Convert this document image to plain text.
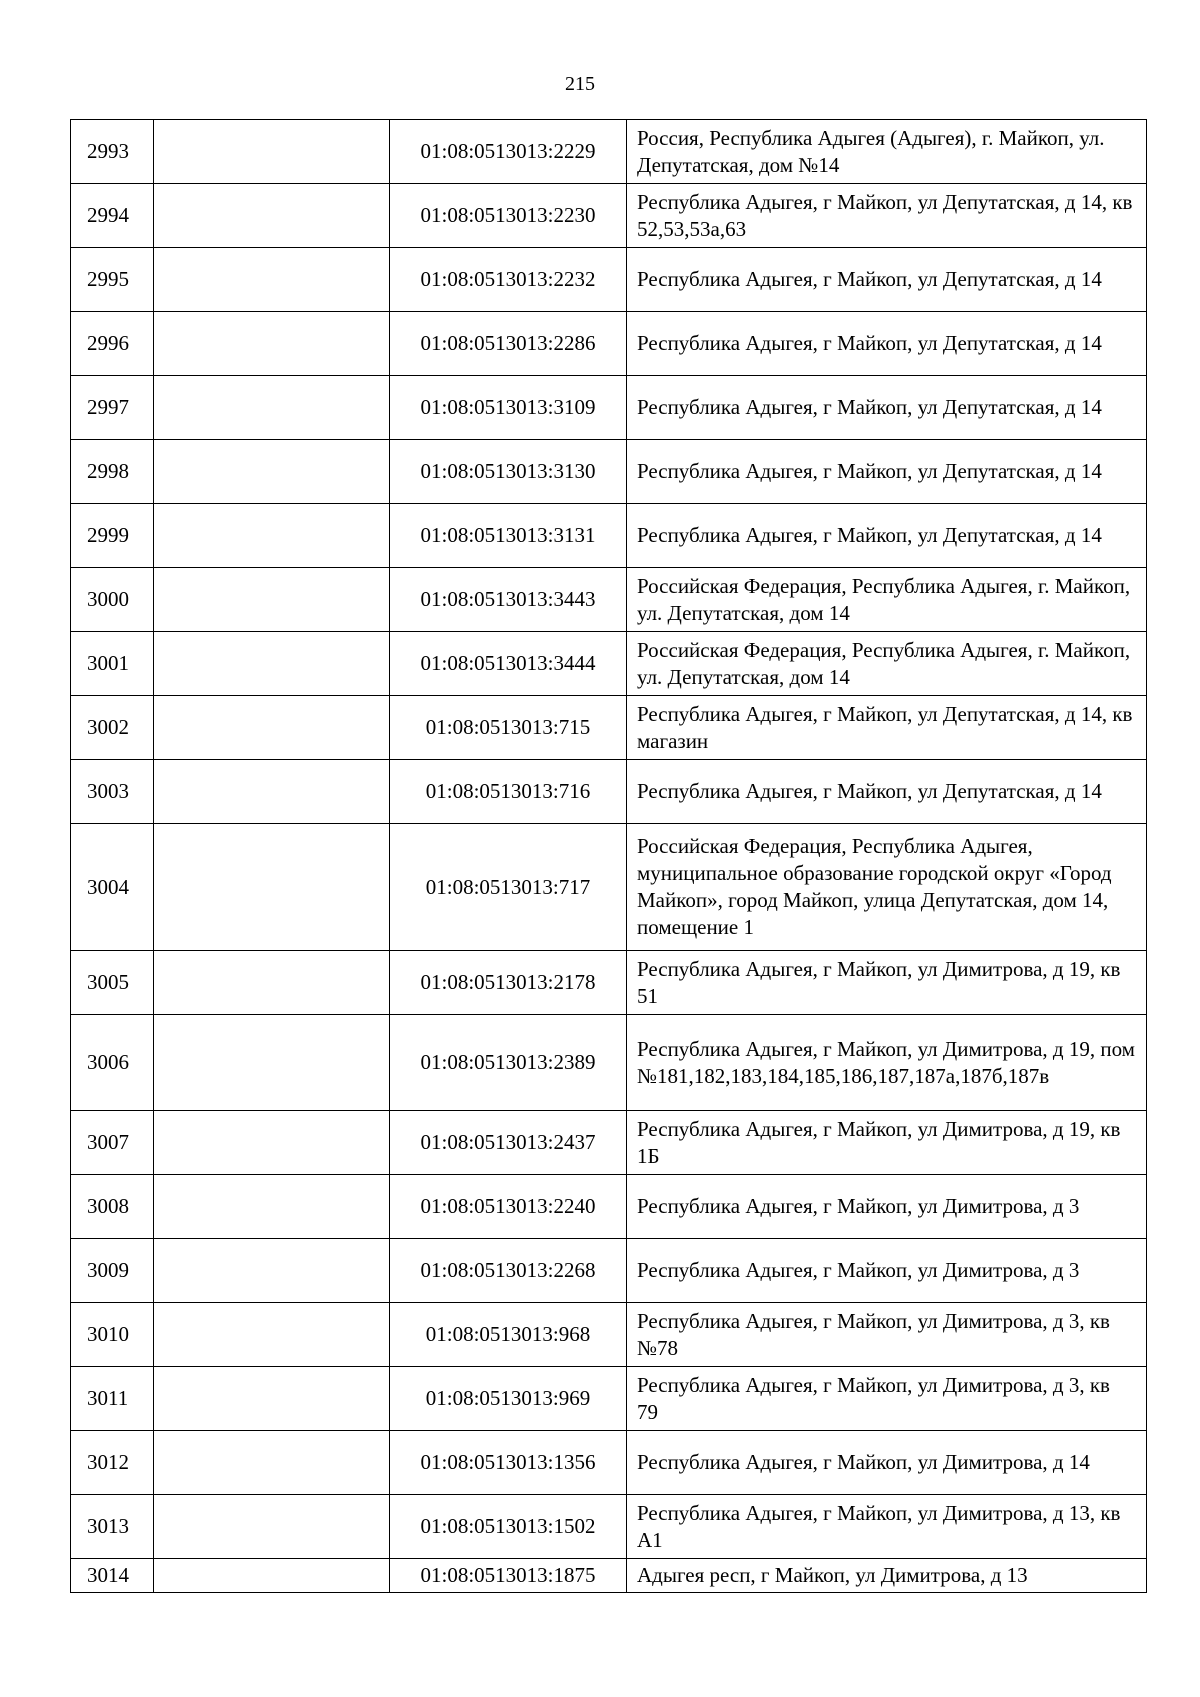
215
2993		01:08:0513013:2229	Россия, Республика Адыгея (Адыгея), г. Майкоп, ул. Депутатская, дом №14
2994		01:08:0513013:2230	Республика Адыгея, г Майкоп, ул Депутатская, д 14, кв 52,53,53а,63
2995		01:08:0513013:2232	Республика Адыгея, г Майкоп, ул Депутатская, д 14
2996		01:08:0513013:2286	Республика Адыгея, г Майкоп, ул Депутатская, д 14
2997		01:08:0513013:3109	Республика Адыгея, г Майкоп, ул Депутатская, д 14
2998		01:08:0513013:3130	Республика Адыгея, г Майкоп, ул Депутатская, д 14
2999		01:08:0513013:3131	Республика Адыгея, г Майкоп, ул Депутатская, д 14
3000		01:08:0513013:3443	Российская Федерация, Республика Адыгея, г. Майкоп, ул. Депутатская, дом 14
3001		01:08:0513013:3444	Российская Федерация, Республика Адыгея, г. Майкоп, ул. Депутатская, дом 14
3002		01:08:0513013:715	Республика Адыгея, г Майкоп, ул Депутатская, д 14, кв магазин
3003		01:08:0513013:716	Республика Адыгея, г Майкоп, ул Депутатская, д 14
3004		01:08:0513013:717	Российская Федерация, Республика Адыгея, муниципальное образование городской округ «Город Майкоп», город Майкоп, улица Депутатская, дом 14, помещение 1
3005		01:08:0513013:2178	Республика Адыгея, г Майкоп, ул Димитрова, д 19, кв 51
3006		01:08:0513013:2389	Республика Адыгея, г Майкоп, ул Димитрова, д 19, пом №181,182,183,184,185,186,187,187а,187б,187в
3007		01:08:0513013:2437	Республика Адыгея, г Майкоп, ул Димитрова, д 19, кв 1Б
3008		01:08:0513013:2240	Республика Адыгея, г Майкоп, ул Димитрова, д 3
3009		01:08:0513013:2268	Республика Адыгея, г Майкоп, ул Димитрова, д 3
3010		01:08:0513013:968	Республика Адыгея, г Майкоп, ул Димитрова, д 3, кв №78
3011		01:08:0513013:969	Республика Адыгея, г Майкоп, ул Димитрова, д 3, кв 79
3012		01:08:0513013:1356	Республика Адыгея, г Майкоп, ул Димитрова, д 14
3013		01:08:0513013:1502	Республика Адыгея, г Майкоп, ул Димитрова, д 13, кв А1
3014		01:08:0513013:1875	Адыгея респ, г Майкоп, ул Димитрова, д 13
